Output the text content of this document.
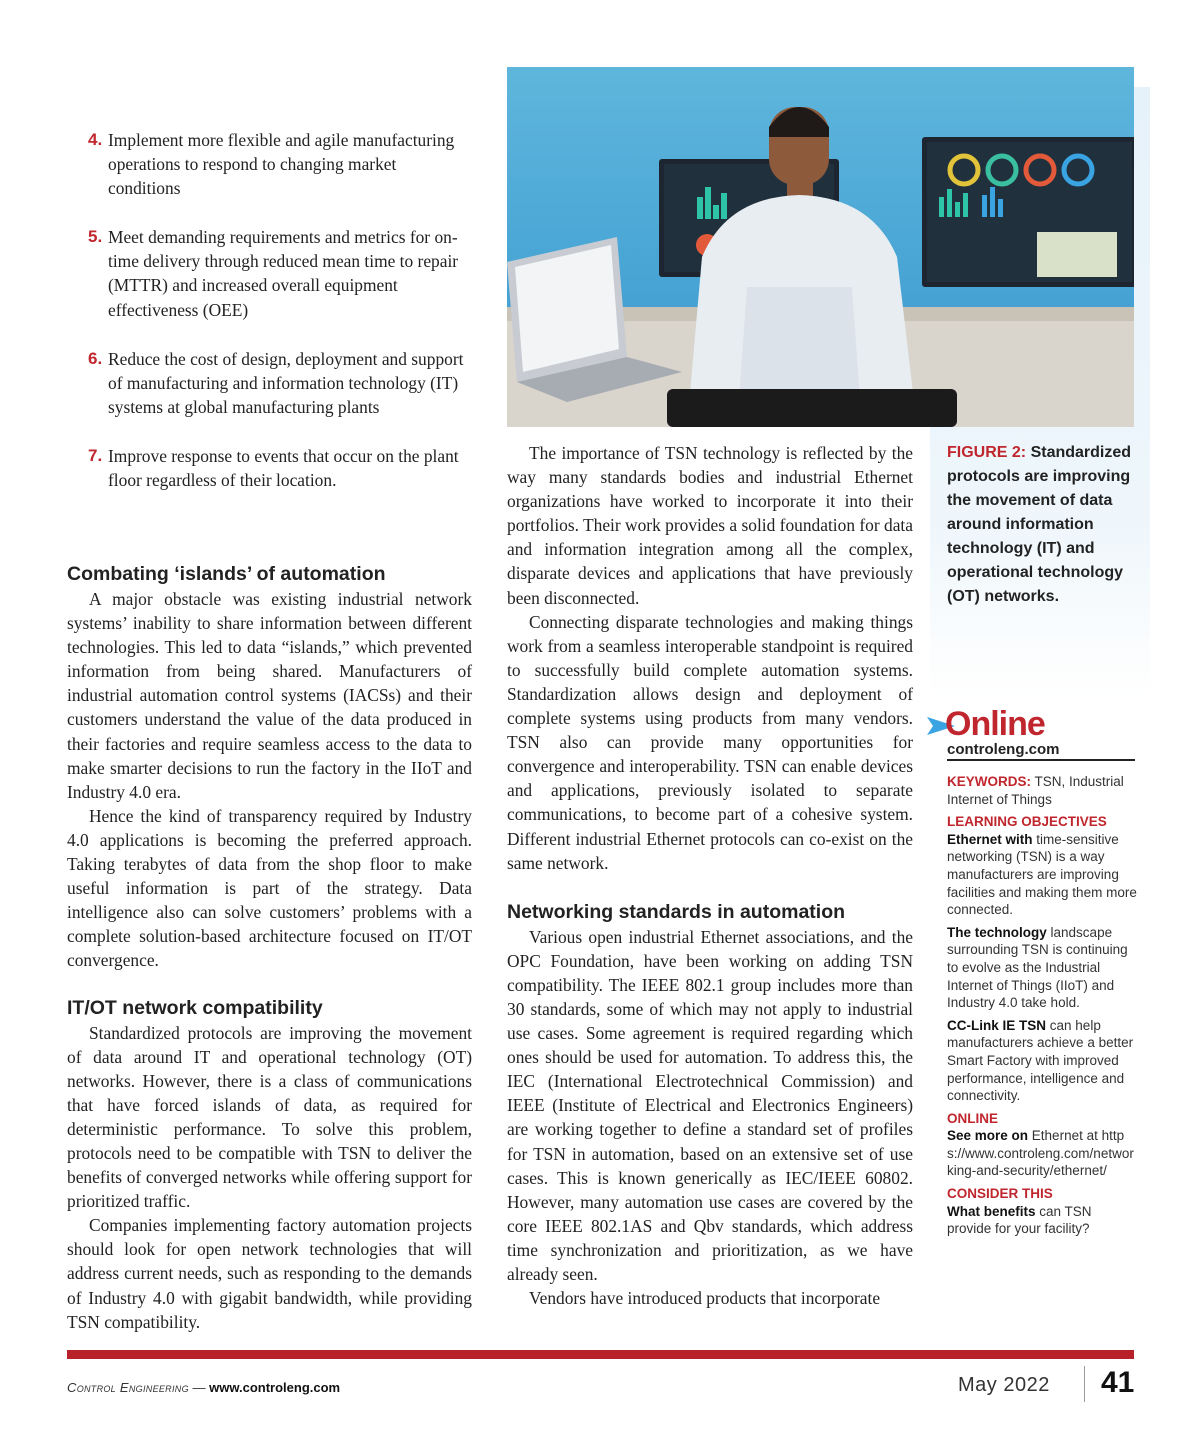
4. Implement more flexible and agile manufacturing operations to respond to changing market conditions
5. Meet demanding requirements and metrics for on-time delivery through reduced mean time to repair (MTTR) and increased overall equipment effectiveness (OEE)
6. Reduce the cost of design, deployment and support of manufacturing and information technology (IT) systems at global manufacturing plants
7. Improve response to events that occur on the plant floor regardless of their location.
Combating ‘islands’ of automation

A major obstacle was existing industrial network systems’ inability to share information between different technologies. This led to data “islands,” which prevented information from being shared. Manufacturers of industrial automation control systems (IACSs) and their customers understand the value of the data produced in their factories and require seamless access to the data to make smarter decisions to run the factory in the IIoT and Industry 4.0 era.

Hence the kind of transparency required by Industry 4.0 applications is becoming the preferred approach. Taking terabytes of data from the shop floor to make useful information is part of the strategy. Data intelligence also can solve customers’ problems with a complete solution-based architecture focused on IT/OT convergence.

IT/OT network compatibility

Standardized protocols are improving the movement of data around IT and operational technology (OT) networks. However, there is a class of communications that have forced islands of data, as required for deterministic performance. To solve this problem, protocols need to be compatible with TSN to deliver the benefits of converged networks while offering support for prioritized traffic.

Companies implementing factory automation projects should look for open network technologies that will address current needs, such as responding to the demands of Industry 4.0 with gigabit bandwidth, while providing TSN compatibility.

The importance of TSN technology is reflected by the way many standards bodies and industrial Ethernet organizations have worked to incorporate it into their portfolios. Their work provides a solid foundation for data and information integration among all the complex, disparate devices and applications that have previously been disconnected.

Connecting disparate technologies and making things work from a seamless interoperable standpoint is required to successfully build complete automation systems. Standardization allows design and deployment of complete systems using products from many vendors. TSN also can provide many opportunities for convergence and interoperability. TSN can enable devices and applications, previously isolated to separate communications, to become part of a cohesive system. Different industrial Ethernet protocols can co-exist on the same network.

Networking standards in automation

Various open industrial Ethernet associations, and the OPC Foundation, have been working on adding TSN compatibility. The IEEE 802.1 group includes more than 30 standards, some of which may not apply to industrial use cases. Some agreement is required regarding which ones should be used for automation. To address this, the IEC (International Electrotechnical Commission) and IEEE (Institute of Electrical and Electronics Engineers) are working together to define a standard set of profiles for TSN in automation, based on an extensive set of use cases. This is known generically as IEC/IEEE 60802. However, many automation use cases are covered by the core IEEE 802.1AS and Qbv standards, which address time synchronization and prioritization, as we have already seen.

Vendors have introduced products that incorporate

FIGURE 2: Standardized protocols are improving the movement of data around information technology (IT) and operational technology (OT) networks.
Online
controleng.com
KEYWORDS: TSN, Industrial Internet of Things
LEARNING OBJECTIVES
Ethernet with time-sensitive networking (TSN) is a way manufacturers are improving facilities and making them more connected.
The technology landscape surrounding TSN is continuing to evolve as the Industrial Internet of Things (IIoT) and Industry 4.0 take hold.
CC-Link IE TSN can help manufacturers achieve a better Smart Factory with improved performance, intelligence and connectivity.
ONLINE
See more on Ethernet at https://www.controleng.com/networking-and-security/ethernet/
CONSIDER THIS
What benefits can TSN provide for your facility?
Control Engineering — www.controleng.com	May 2022 41
